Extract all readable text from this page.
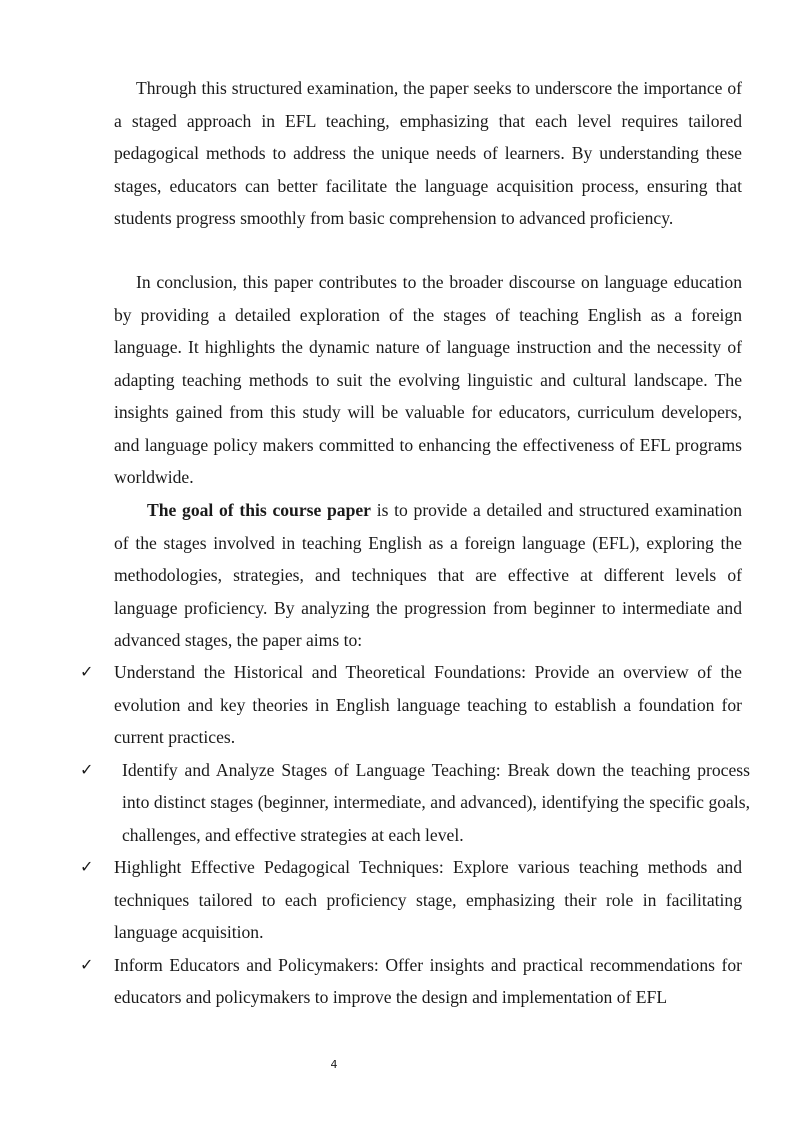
Through this structured examination, the paper seeks to underscore the importance of a staged approach in EFL teaching, emphasizing that each level requires tailored pedagogical methods to address the unique needs of learners. By understanding these stages, educators can better facilitate the language acquisition process, ensuring that students progress smoothly from basic comprehension to advanced proficiency.

In conclusion, this paper contributes to the broader discourse on language education by providing a detailed exploration of the stages of teaching English as a foreign language. It highlights the dynamic nature of language instruction and the necessity of adapting teaching methods to suit the evolving linguistic and cultural landscape. The insights gained from this study will be valuable for educators, curriculum developers, and language policy makers committed to enhancing the effectiveness of EFL programs worldwide.

The goal of this course paper is to provide a detailed and structured examination of the stages involved in teaching English as a foreign language (EFL), exploring the methodologies, strategies, and techniques that are effective at different levels of language proficiency. By analyzing the progression from beginner to intermediate and advanced stages, the paper aims to:

✓ Understand the Historical and Theoretical Foundations: Provide an overview of the evolution and key theories in English language teaching to establish a foundation for current practices.
✓	Identify and Analyze Stages of Language Teaching: Break down the teaching process into distinct stages (beginner, intermediate, and advanced), identifying the specific goals, challenges, and effective strategies at each level.
✓ Highlight Effective Pedagogical Techniques: Explore various teaching methods and techniques tailored to each proficiency stage, emphasizing their role in facilitating language acquisition.
✓ Inform Educators and Policymakers: Offer insights and practical recommendations for educators and policymakers to improve the design and implementation of EFL
4
